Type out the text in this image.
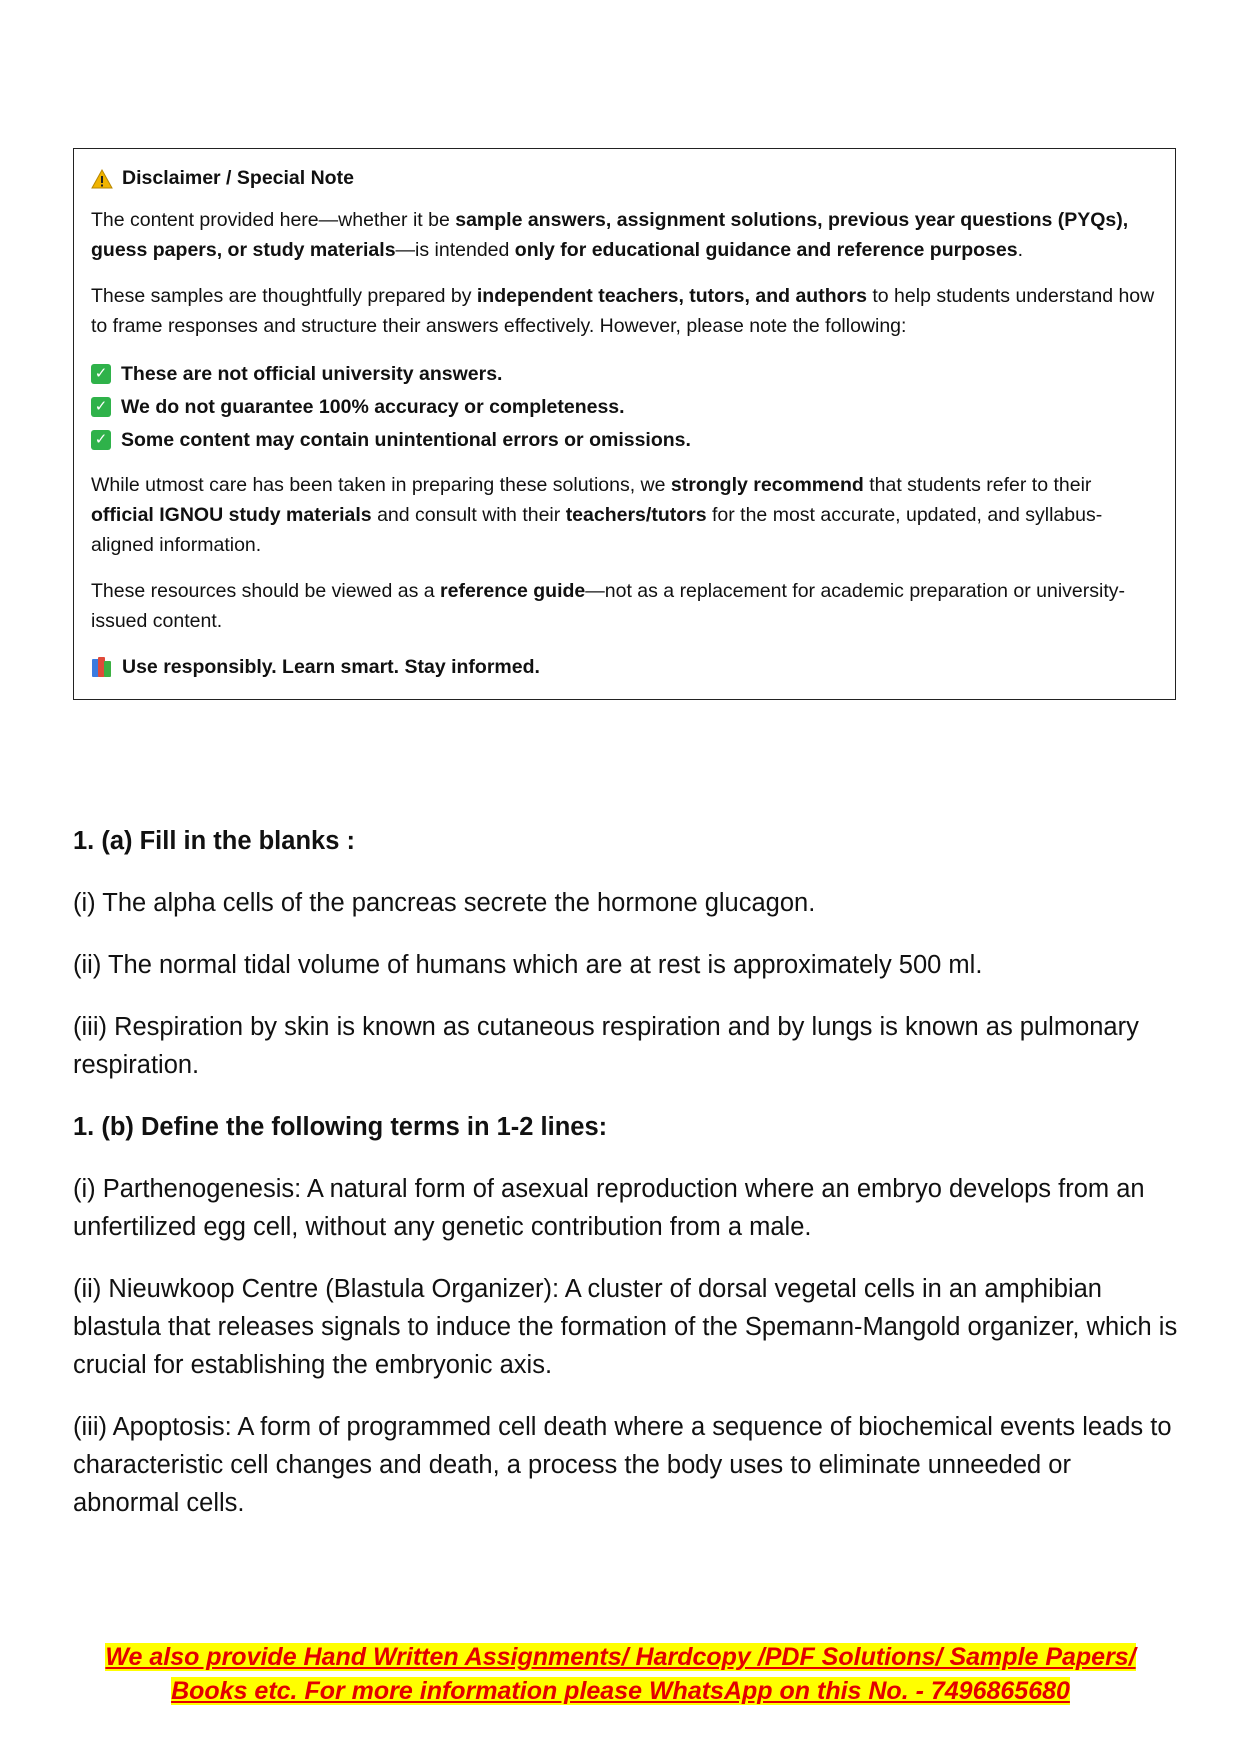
Disclaimer / Special Note

The content provided here—whether it be sample answers, assignment solutions, previous year questions (PYQs), guess papers, or study materials—is intended only for educational guidance and reference purposes.

These samples are thoughtfully prepared by independent teachers, tutors, and authors to help students understand how to frame responses and structure their answers effectively. However, please note the following:

✓ These are not official university answers.
✓ We do not guarantee 100% accuracy or completeness.
✓ Some content may contain unintentional errors or omissions.

While utmost care has been taken in preparing these solutions, we strongly recommend that students refer to their official IGNOU study materials and consult with their teachers/tutors for the most accurate, updated, and syllabus-aligned information.

These resources should be viewed as a reference guide—not as a replacement for academic preparation or university-issued content.

Use responsibly. Learn smart. Stay informed.

1. (a) Fill in the blanks :

(i) The alpha cells of the pancreas secrete the hormone glucagon.

(ii) The normal tidal volume of humans which are at rest is approximately 500 ml.

(iii) Respiration by skin is known as cutaneous respiration and by lungs is known as pulmonary respiration.

1. (b) Define the following terms in 1-2 lines:

(i) Parthenogenesis: A natural form of asexual reproduction where an embryo develops from an unfertilized egg cell, without any genetic contribution from a male.

(ii) Nieuwkoop Centre (Blastula Organizer): A cluster of dorsal vegetal cells in an amphibian blastula that releases signals to induce the formation of the Spemann-Mangold organizer, which is crucial for establishing the embryonic axis.

(iii) Apoptosis: A form of programmed cell death where a sequence of biochemical events leads to characteristic cell changes and death, a process the body uses to eliminate unneeded or abnormal cells.

We also provide Hand Written Assignments/ Hardcopy /PDF Solutions/ Sample Papers/
Books etc. For more information please WhatsApp on this No. - 7496865680
